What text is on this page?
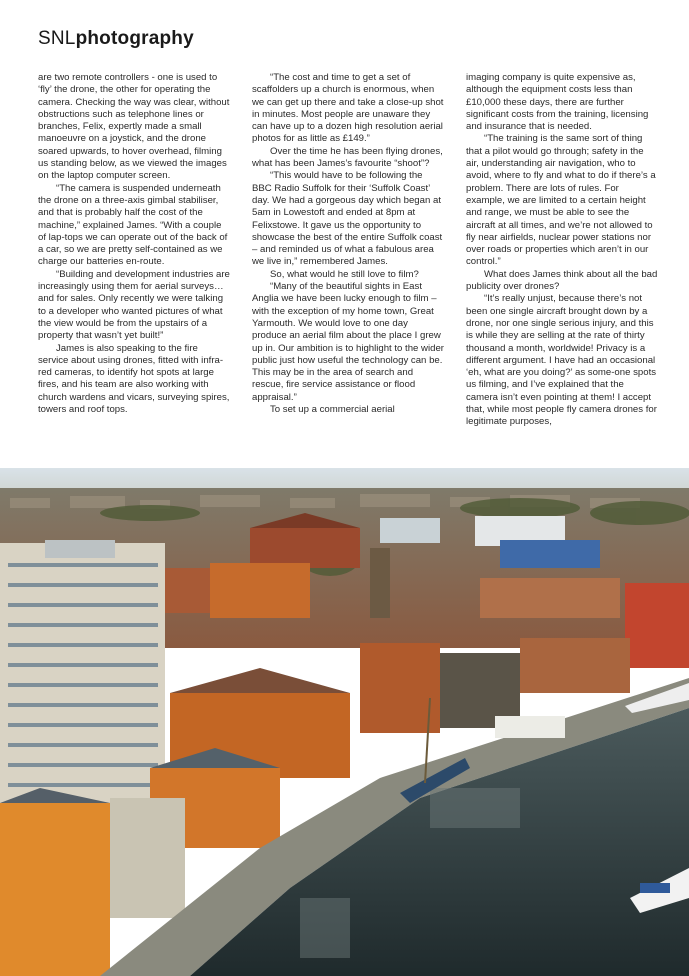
SNLphotography

are two remote controllers - one is used to ‘fly’ the drone, the other for operating the camera. Checking the way was clear, without obstructions such as telephone lines or branches, Felix, expertly made a small manoeuvre on a joystick, and the drone soared upwards, to hover overhead, filming us standing below, as we viewed the images on the laptop computer screen.

“The camera is suspended underneath the drone on a three-axis gimbal stabiliser, and that is probably half the cost of the machine,” explained James. “With a couple of lap-tops we can operate out of the back of a car, so we are pretty self-contained as we charge our batteries en-route.

“Building and development industries are increasingly using them for aerial surveys… and for sales. Only recently we were talking to a developer who wanted pictures of what the view would be from the upstairs of a property that wasn’t yet built!”

James is also speaking to the fire service about using drones, fitted with infra-red cameras, to identify hot spots at large fires, and his team are also working with church wardens and vicars, surveying spires, towers and roof tops.

“The cost and time to get a set of scaffolders up a church is enormous, when we can get up there and take a close-up shot in minutes. Most people are unaware they can have up to a dozen high resolution aerial photos for as little as £149.”

Over the time he has been flying drones, what has been James’s favourite “shoot”?

“This would have to be following the BBC Radio Suffolk for their ‘Suffolk Coast’ day. We had a gorgeous day which began at 5am in Lowestoft and ended at 8pm at Felixstowe. It gave us the opportunity to showcase the best of the entire Suffolk coast – and reminded us of what a fabulous area we live in,” remembered James.

So, what would he still love to film?

“Many of the beautiful sights in East Anglia we have been lucky enough to film – with the exception of my home town, Great Yarmouth. We would love to one day produce an aerial film about the place I grew up in. Our ambition is to highlight to the wider public just how useful the technology can be. This may be in the area of search and rescue, fire service assistance or flood appraisal.”

To set up a commercial aerial

imaging company is quite expensive as, although the equipment costs less than £10,000 these days, there are further significant costs from the training, licensing and insurance that is needed.

“The training is the same sort of thing that a pilot would go through; safety in the air, understanding air navigation, who to avoid, where to fly and what to do if there’s a problem. There are lots of rules. For example, we are limited to a certain height and range, we must be able to see the aircraft at all times, and we’re not allowed to fly near airfields, nuclear power stations nor over roads or properties which aren’t in our control.”

What does James think about all the bad publicity over drones?

“It’s really unjust, because there’s not been one single aircraft brought down by a drone, nor one single serious injury, and this is while they are selling at the rate of thirty thousand a month, worldwide! Privacy is a different argument. I have had an occasional ‘eh, what are you doing?’ as some-one spots us filming, and I’ve explained that the camera isn’t even pointing at them! I accept that, while most people fly camera drones for legitimate purposes,
